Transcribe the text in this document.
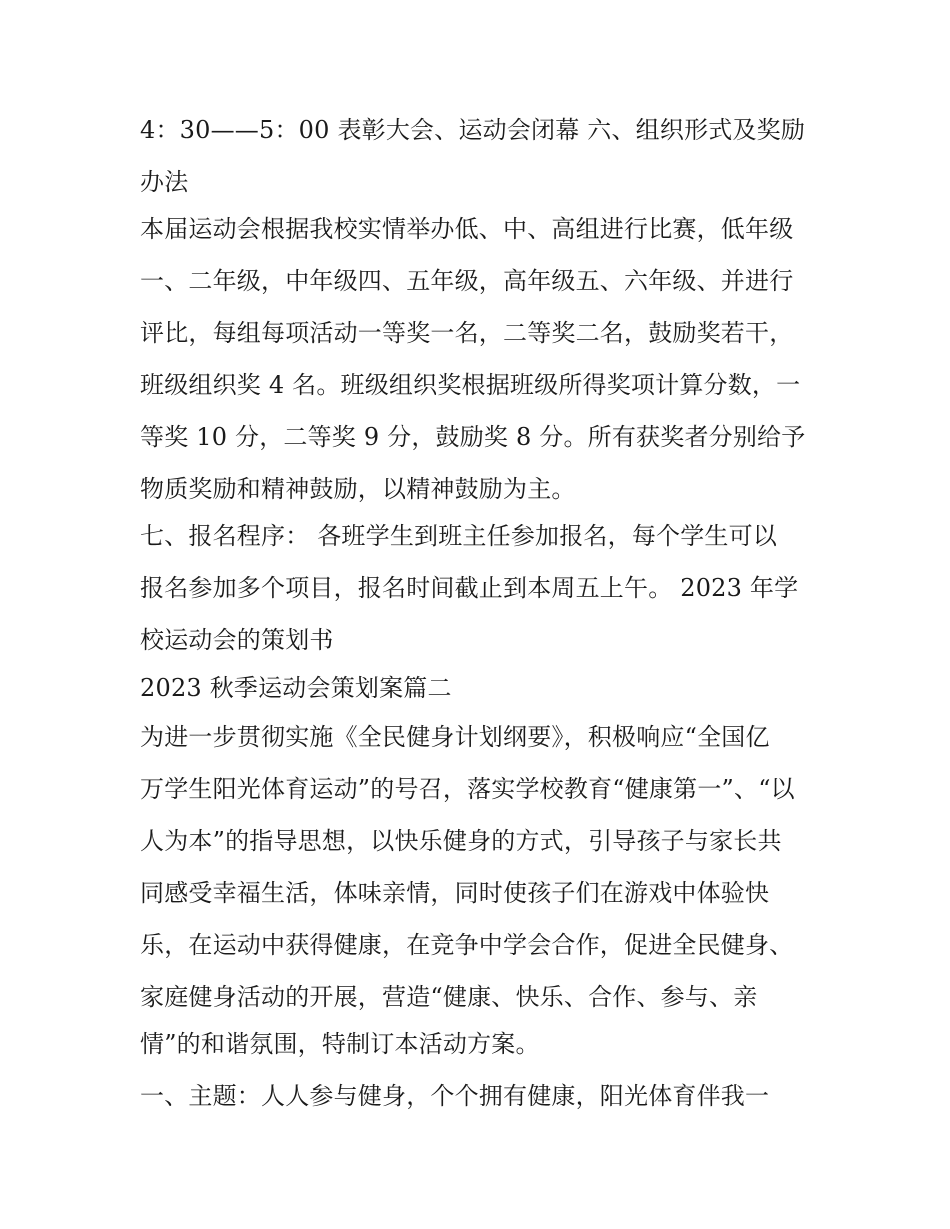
4：30——5：00 表彰大会、运动会闭幕 六、组织形式及奖励
办法
本届运动会根据我校实情举办低、中、高组进行比赛，低年级
一、二年级，中年级四、五年级，高年级五、六年级、并进行
评比，每组每项活动一等奖一名，二等奖二名，鼓励奖若干，
班级组织奖 4 名。班级组织奖根据班级所得奖项计算分数，一
等奖 10 分，二等奖 9 分，鼓励奖 8 分。所有获奖者分别给予
物质奖励和精神鼓励，以精神鼓励为主。
七、报名程序： 各班学生到班主任参加报名，每个学生可以
报名参加多个项目，报名时间截止到本周五上午。 2023 年学
校运动会的策划书
2023 秋季运动会策划案篇二
为进一步贯彻实施《全民健身计划纲要》，积极响应“全国亿
万学生阳光体育运动”的号召，落实学校教育“健康第一”、“以
人为本”的指导思想，以快乐健身的方式，引导孩子与家长共
同感受幸福生活，体味亲情，同时使孩子们在游戏中体验快
乐，在运动中获得健康，在竞争中学会合作，促进全民健身、
家庭健身活动的开展，营造“健康、快乐、合作、参与、亲
情”的和谐氛围，特制订本活动方案。
一、主题：人人参与健身，个个拥有健康，阳光体育伴我一
